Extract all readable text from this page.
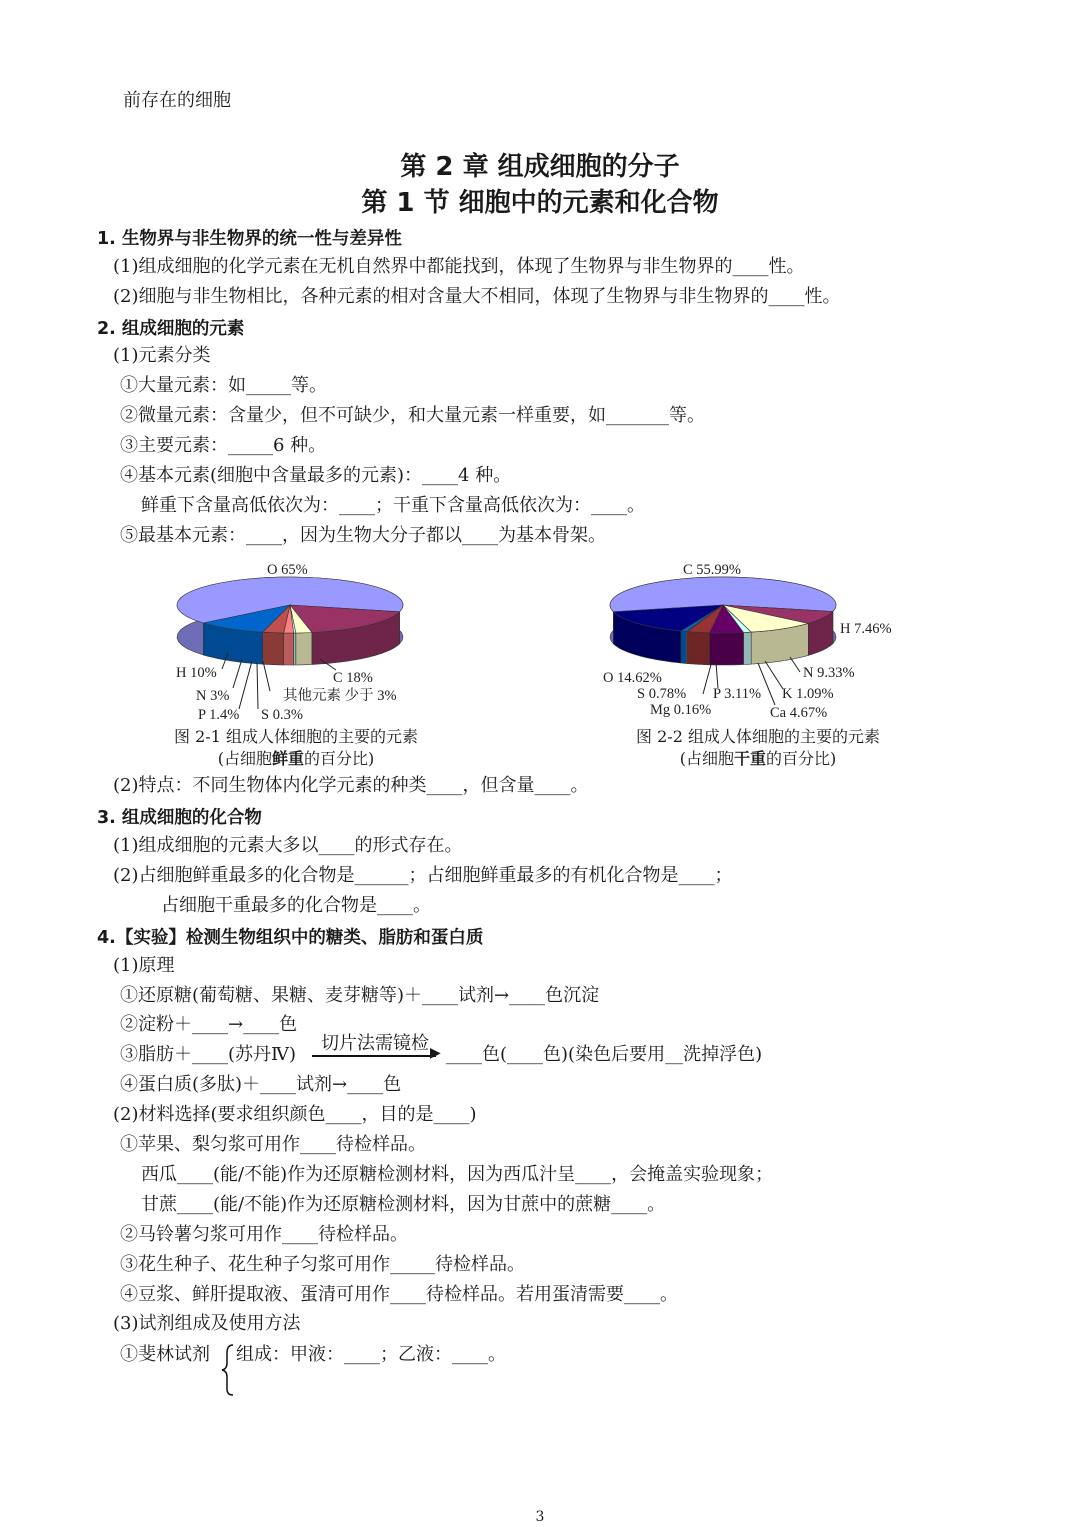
前存在的细胞
第 2 章 组成细胞的分子
第 1 节 细胞中的元素和化合物
1. 生物界与非生物界的统一性与差异性
(1)组成细胞的化学元素在无机自然界中都能找到，体现了生物界与非生物界的____性。
(2)细胞与非生物相比，各种元素的相对含量大不相同，体现了生物界与非生物界的____性。
2. 组成细胞的元素
(1)元素分类
①大量元素：如_____等。
②微量元素：含量少，但不可缺少，和大量元素一样重要，如_______等。
③主要元素：_____6 种。
④基本元素(细胞中含量最多的元素)：____4 种。
鲜重下含量高低依次为：____；干重下含量高低依次为：____。
⑤最基本元素：____，因为生物大分子都以____为基本骨架。
O 65%
C 18%
H 10%
N 3%
P 1.4% S 0.3%
其他元素 少于 3%
C 55.99%
H 7.46%
N 9.33%
K 1.09%
Ca 4.67%
P 3.11%
Mg 0.16%
S 0.78%
O 14.62%
图 2-1 组成人体细胞的主要的元素
(占细胞鲜重的百分比)
图 2-2 组成人体细胞的主要的元素
(占细胞干重的百分比)
(2)特点：不同生物体内化学元素的种类____，但含量____。
3. 组成细胞的化合物
(1)组成细胞的元素大多以____的形式存在。
(2)占细胞鲜重最多的化合物是______；占细胞鲜重最多的有机化合物是____；
占细胞干重最多的化合物是____。
4.【实验】检测生物组织中的糖类、脂肪和蛋白质
(1)原理
①还原糖(葡萄糖、果糖、麦芽糖等)＋____试剂→____色沉淀
②淀粉＋____→____色
③脂肪＋____(苏丹Ⅳ)
切片法需镜检 ▶ ____色(____色)(染色后要用__洗掉浮色)
④蛋白质(多肽)＋____试剂→____色
(2)材料选择(要求组织颜色____，目的是____)
①苹果、梨匀浆可用作____待检样品。
西瓜____(能/不能)作为还原糖检测材料，因为西瓜汁呈____，会掩盖实验现象；
甘蔗____(能/不能)作为还原糖检测材料，因为甘蔗中的蔗糖____。
②马铃薯匀浆可用作____待检样品。
③花生种子、花生种子匀浆可用作_____待检样品。
④豆浆、鲜肝提取液、蛋清可用作____待检样品。若用蛋清需要____。
(3)试剂组成及使用方法
①斐林试剂 组成：甲液：____；乙液：____。
3
